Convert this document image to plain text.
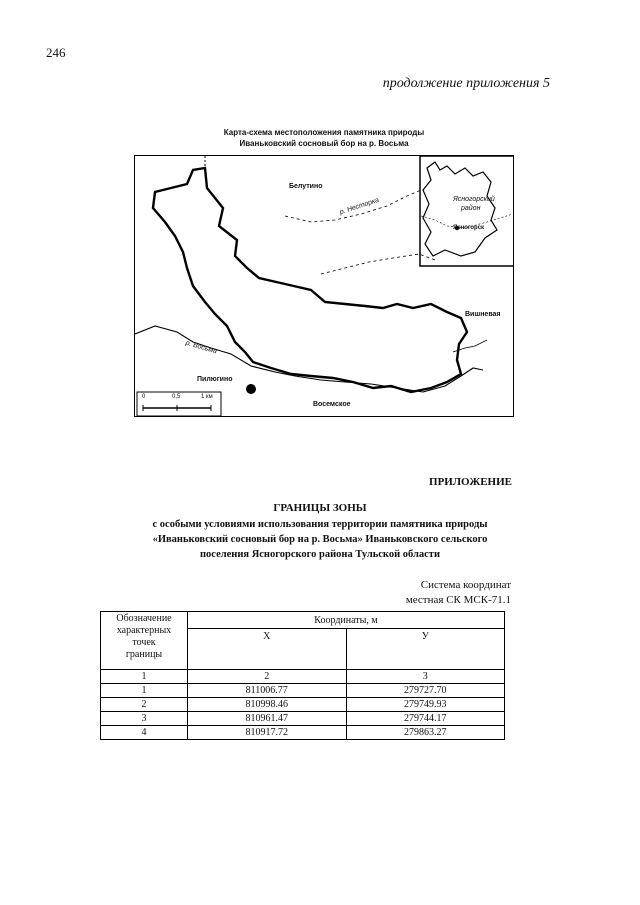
246
продолжение приложения 5
Карта-схема местоположения памятника природы
Иваньковский сосновый бор на р. Восьма
Белутино
р. Несторка	Ясногорский
район
Ясногорск
Вишневая
р. Восьма
Пилюгино
Восемское
0	0,5	1 км
ПРИЛОЖЕНИЕ
ГРАНИЦЫ ЗОНЫ
с особыми условиями использования территории памятника природы
«Иваньковский сосновый бор на р. Восьма» Иваньковского сельского
поселения Ясногорского района Тульской области
Система координат
местная СК МСК-71.1
Обозначение
характерных
точек
границы	Координаты, м	
	X	У
1	2	3
1	811006.77	279727.70
2	810998.46	279749.93
3	810961.47	279744.17
4	810917.72	279863.27
